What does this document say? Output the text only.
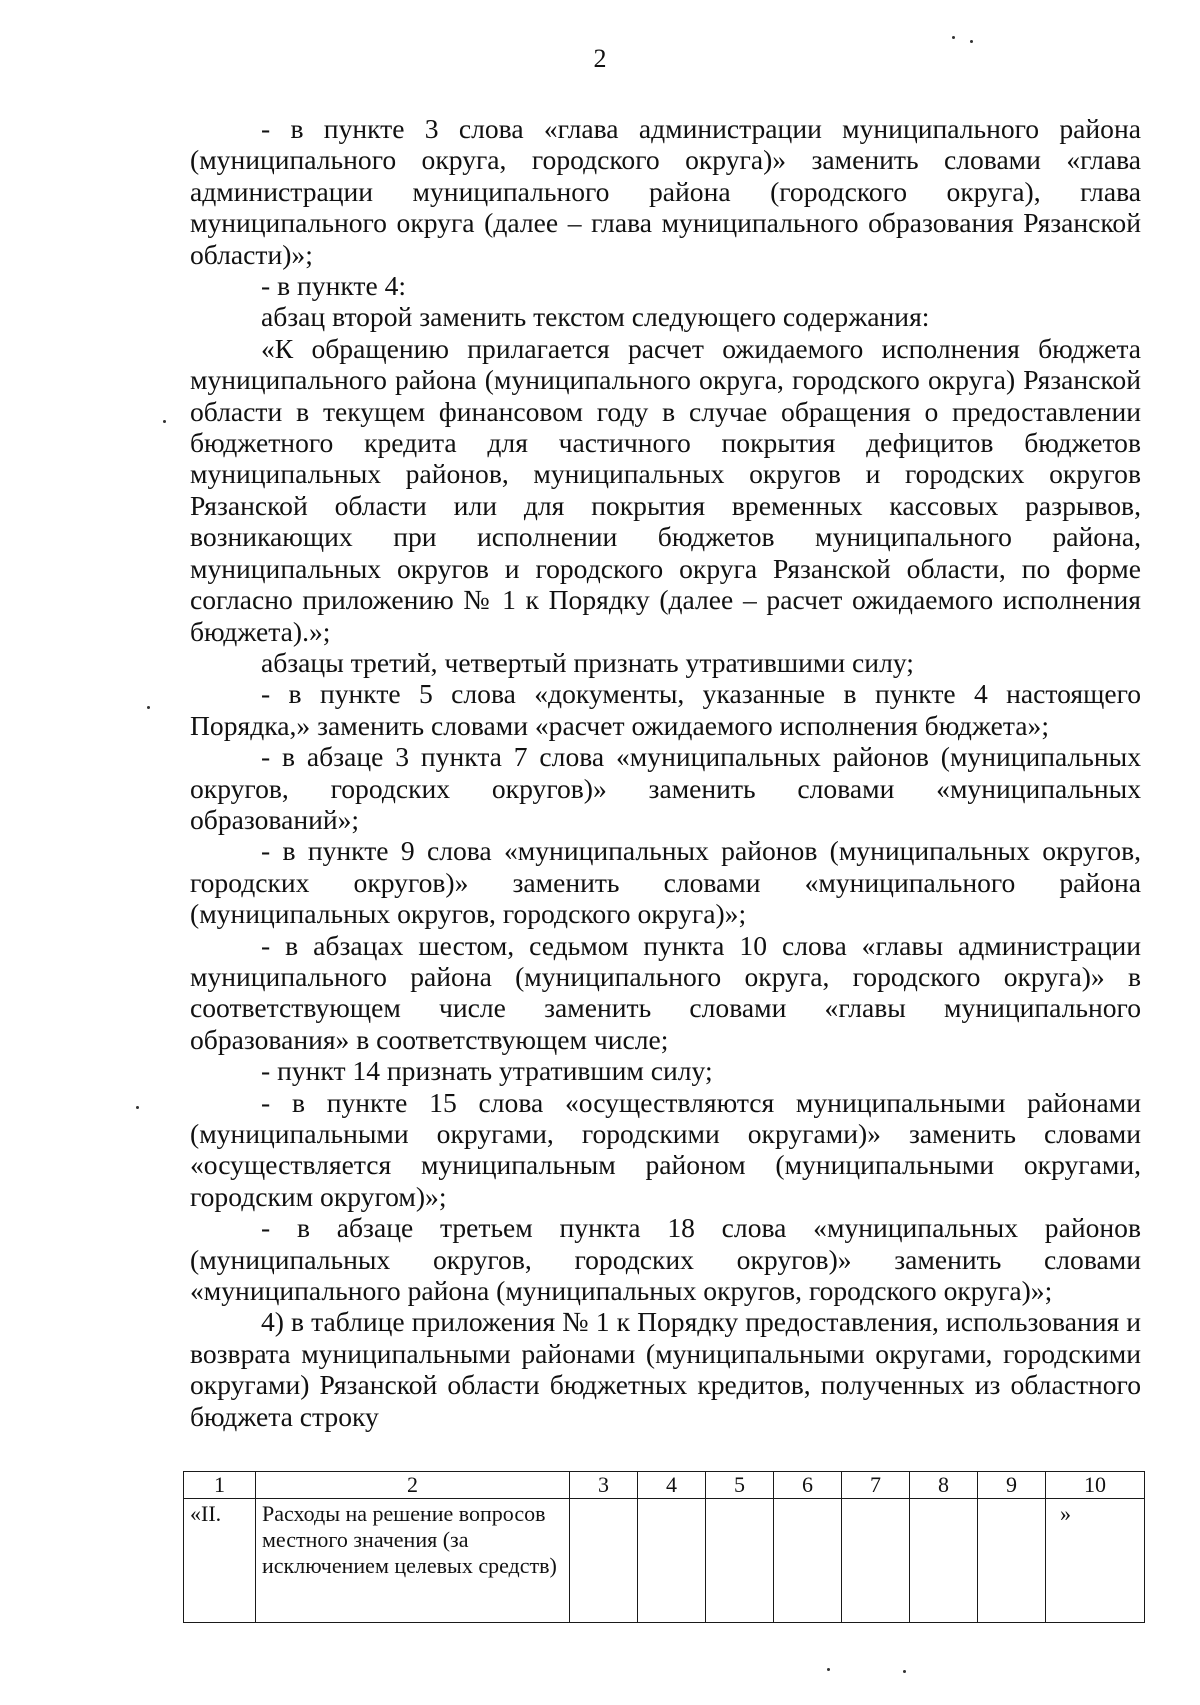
2

- в пункте 3 слова «глава администрации муниципального района (муниципального округа, городского округа)» заменить словами «глава администрации муниципального района (городского округа), глава муниципального округа (далее – глава муниципального образования Рязанской области)»;

- в пункте 4:

абзац второй заменить текстом следующего содержания:

«К обращению прилагается расчет ожидаемого исполнения бюджета муниципального района (муниципального округа, городского округа) Рязанской области в текущем финансовом году в случае обращения о предоставлении бюджетного кредита для частичного покрытия дефицитов бюджетов муниципальных районов, муниципальных округов и городских округов Рязанской области или для покрытия временных кассовых разрывов, возникающих при исполнении бюджетов муниципального района, муниципальных округов и городского округа Рязанской области, по форме согласно приложению № 1 к Порядку (далее – расчет ожидаемого исполнения бюджета).»;

абзацы третий, четвертый признать утратившими силу;

- в пункте 5 слова «документы, указанные в пункте 4 настоящего Порядка,» заменить словами «расчет ожидаемого исполнения бюджета»;

- в абзаце 3 пункта 7 слова «муниципальных районов (муниципальных округов, городских округов)» заменить словами «муниципальных образований»;

- в пункте 9 слова «муниципальных районов (муниципальных округов, городских округов)» заменить словами «муниципального района (муниципальных округов, городского округа)»;

- в абзацах шестом, седьмом пункта 10 слова «главы администрации муниципального района (муниципального округа, городского округа)» в соответствующем числе заменить словами «главы муниципального образования» в соответствующем числе;

- пункт 14 признать утратившим силу;

- в пункте 15 слова «осуществляются муниципальными районами (муниципальными округами, городскими округами)» заменить словами «осуществляется муниципальным районом (муниципальными округами, городским округом)»;

- в абзаце третьем пункта 18 слова «муниципальных районов (муниципальных округов, городских округов)» заменить словами «муниципального района (муниципальных округов, городского округа)»;

4) в таблице приложения № 1 к Порядку предоставления, использования и возврата муниципальными районами (муниципальными округами, городскими округами) Рязанской области бюджетных кредитов, полученных из областного бюджета строку

1	2	3	4	5	6	7	8	9	10
«II.	Расходы на решение вопросов местного значения (за исключением целевых средств)								»
